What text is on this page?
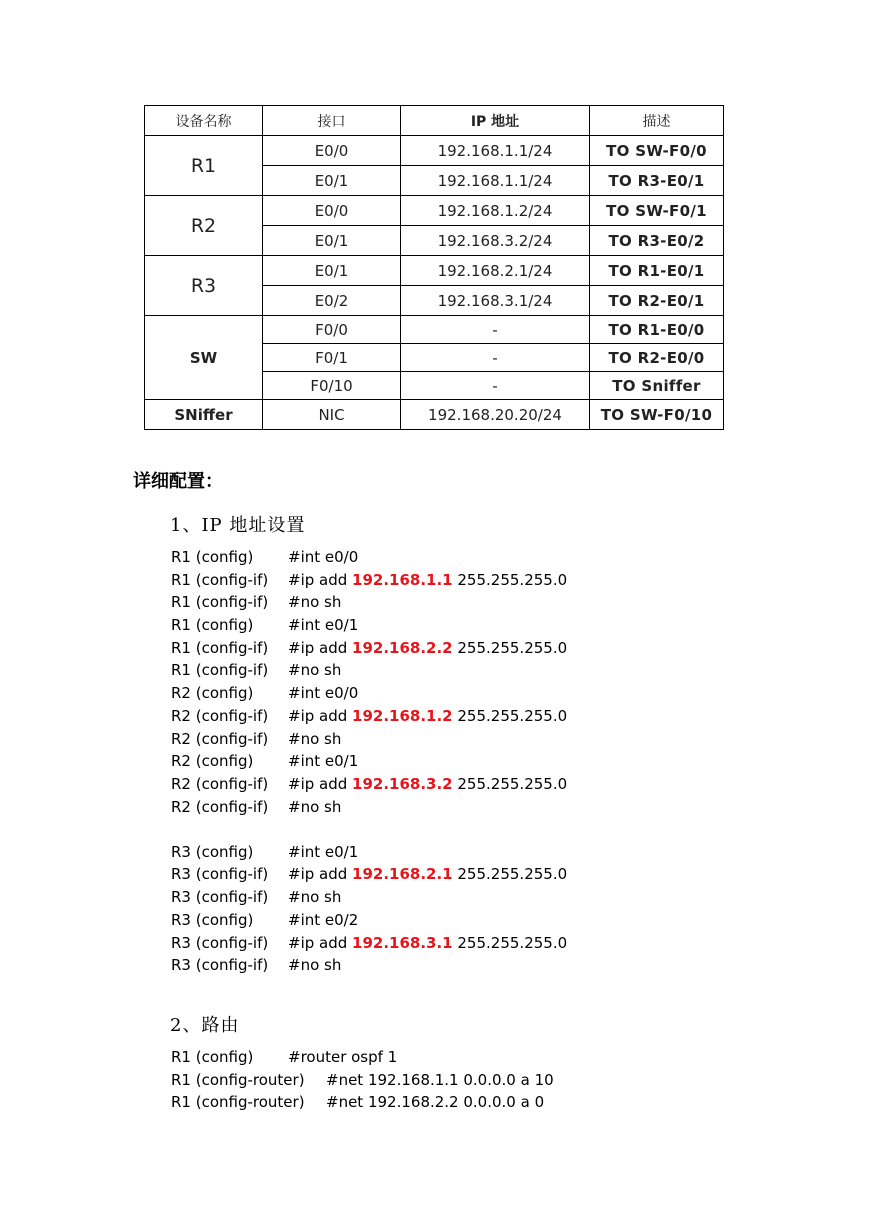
设备名称	接口	IP 地址	描述
R1	E0/0	192.168.1.1/24	TO SW-F0/0
	E0/1	192.168.1.1/24	TO R3-E0/1
R2	E0/0	192.168.1.2/24	TO SW-F0/1
	E0/1	192.168.3.2/24	TO R3-E0/2
R3	E0/1	192.168.2.1/24	TO R1-E0/1
	E0/2	192.168.3.1/24	TO R2-E0/1
SW	F0/0	-	TO R1-E0/0
	F0/1	-	TO R2-E0/0
	F0/10	-	TO Sniffer
SNiffer	NIC	192.168.20.20/24	TO SW-F0/10
详细配置：
1、IP 地址设置
R1 (config) #int e0/0
R1 (config-if) #ip add 192.168.1.1 255.255.255.0
R1 (config-if) #no sh
R1 (config) #int e0/1
R1 (config-if) #ip add 192.168.2.2 255.255.255.0
R1 (config-if) #no sh
R2 (config) #int e0/0
R2 (config-if) #ip add 192.168.1.2 255.255.255.0
R2 (config-if) #no sh
R2 (config) #int e0/1
R2 (config-if) #ip add 192.168.3.2 255.255.255.0
R2 (config-if) #no sh
R3 (config) #int e0/1
R3 (config-if) #ip add 192.168.2.1 255.255.255.0
R3 (config-if) #no sh
R3 (config) #int e0/2
R3 (config-if) #ip add 192.168.3.1 255.255.255.0
R3 (config-if) #no sh
2、路由
R1 (config) #router ospf 1
R1 (config-router) #net 192.168.1.1 0.0.0.0 a 10
R1 (config-router) #net 192.168.2.2 0.0.0.0 a 0
